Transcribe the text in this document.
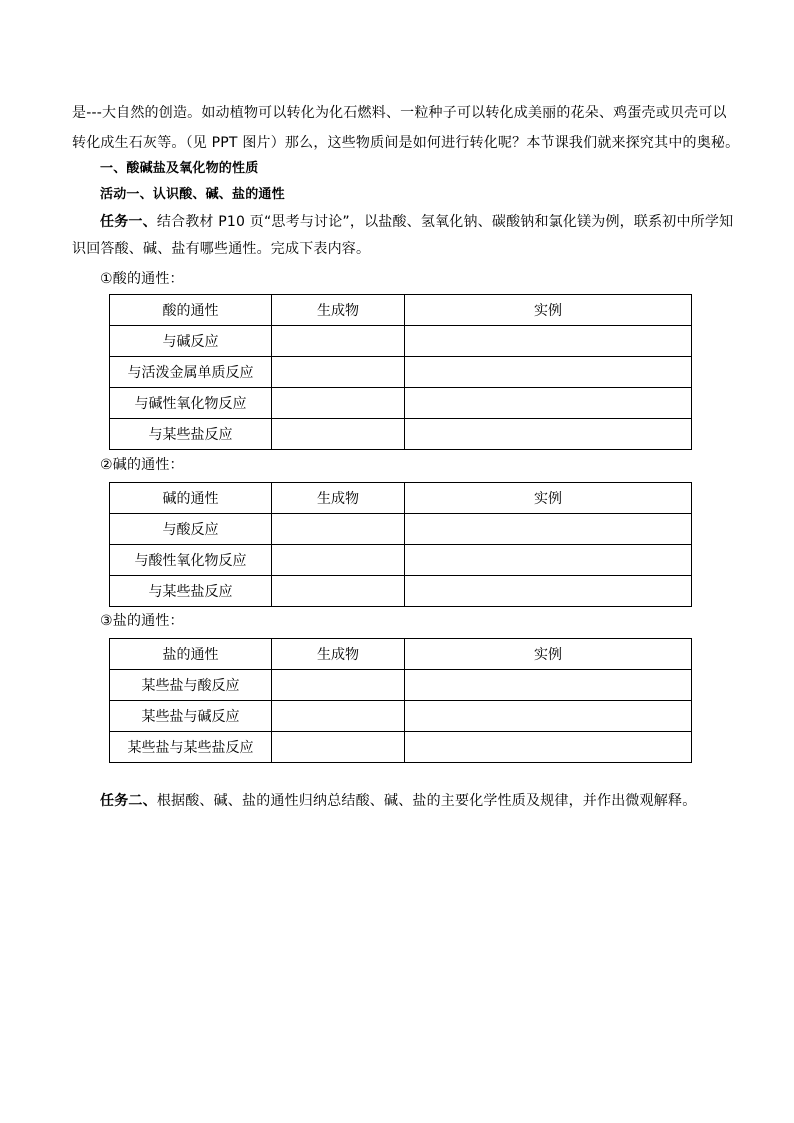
是---大自然的创造。如动植物可以转化为化石燃料、一粒种子可以转化成美丽的花朵、鸡蛋壳或贝壳可以
转化成生石灰等。（见 PPT 图片）那么，这些物质间是如何进行转化呢？本节课我们就来探究其中的奥秘。
一、酸碱盐及氧化物的性质
活动一、认识酸、碱、盐的通性
任务一、结合教材 P10 页“思考与讨论”，以盐酸、氢氧化钠、碳酸钠和氯化镁为例，联系初中所学知
识回答酸、碱、盐有哪些通性。完成下表内容。
①酸的通性：
酸的通性	生成物	实例
与碱反应		
与活泼金属单质反应		
与碱性氧化物反应		
与某些盐反应		
②碱的通性：
碱的通性	生成物	实例
与酸反应		
与酸性氧化物反应		
与某些盐反应		
③盐的通性：
盐的通性	生成物	实例
某些盐与酸反应		
某些盐与碱反应		
某些盐与某些盐反应		
任务二、根据酸、碱、盐的通性归纳总结酸、碱、盐的主要化学性质及规律，并作出微观解释。
